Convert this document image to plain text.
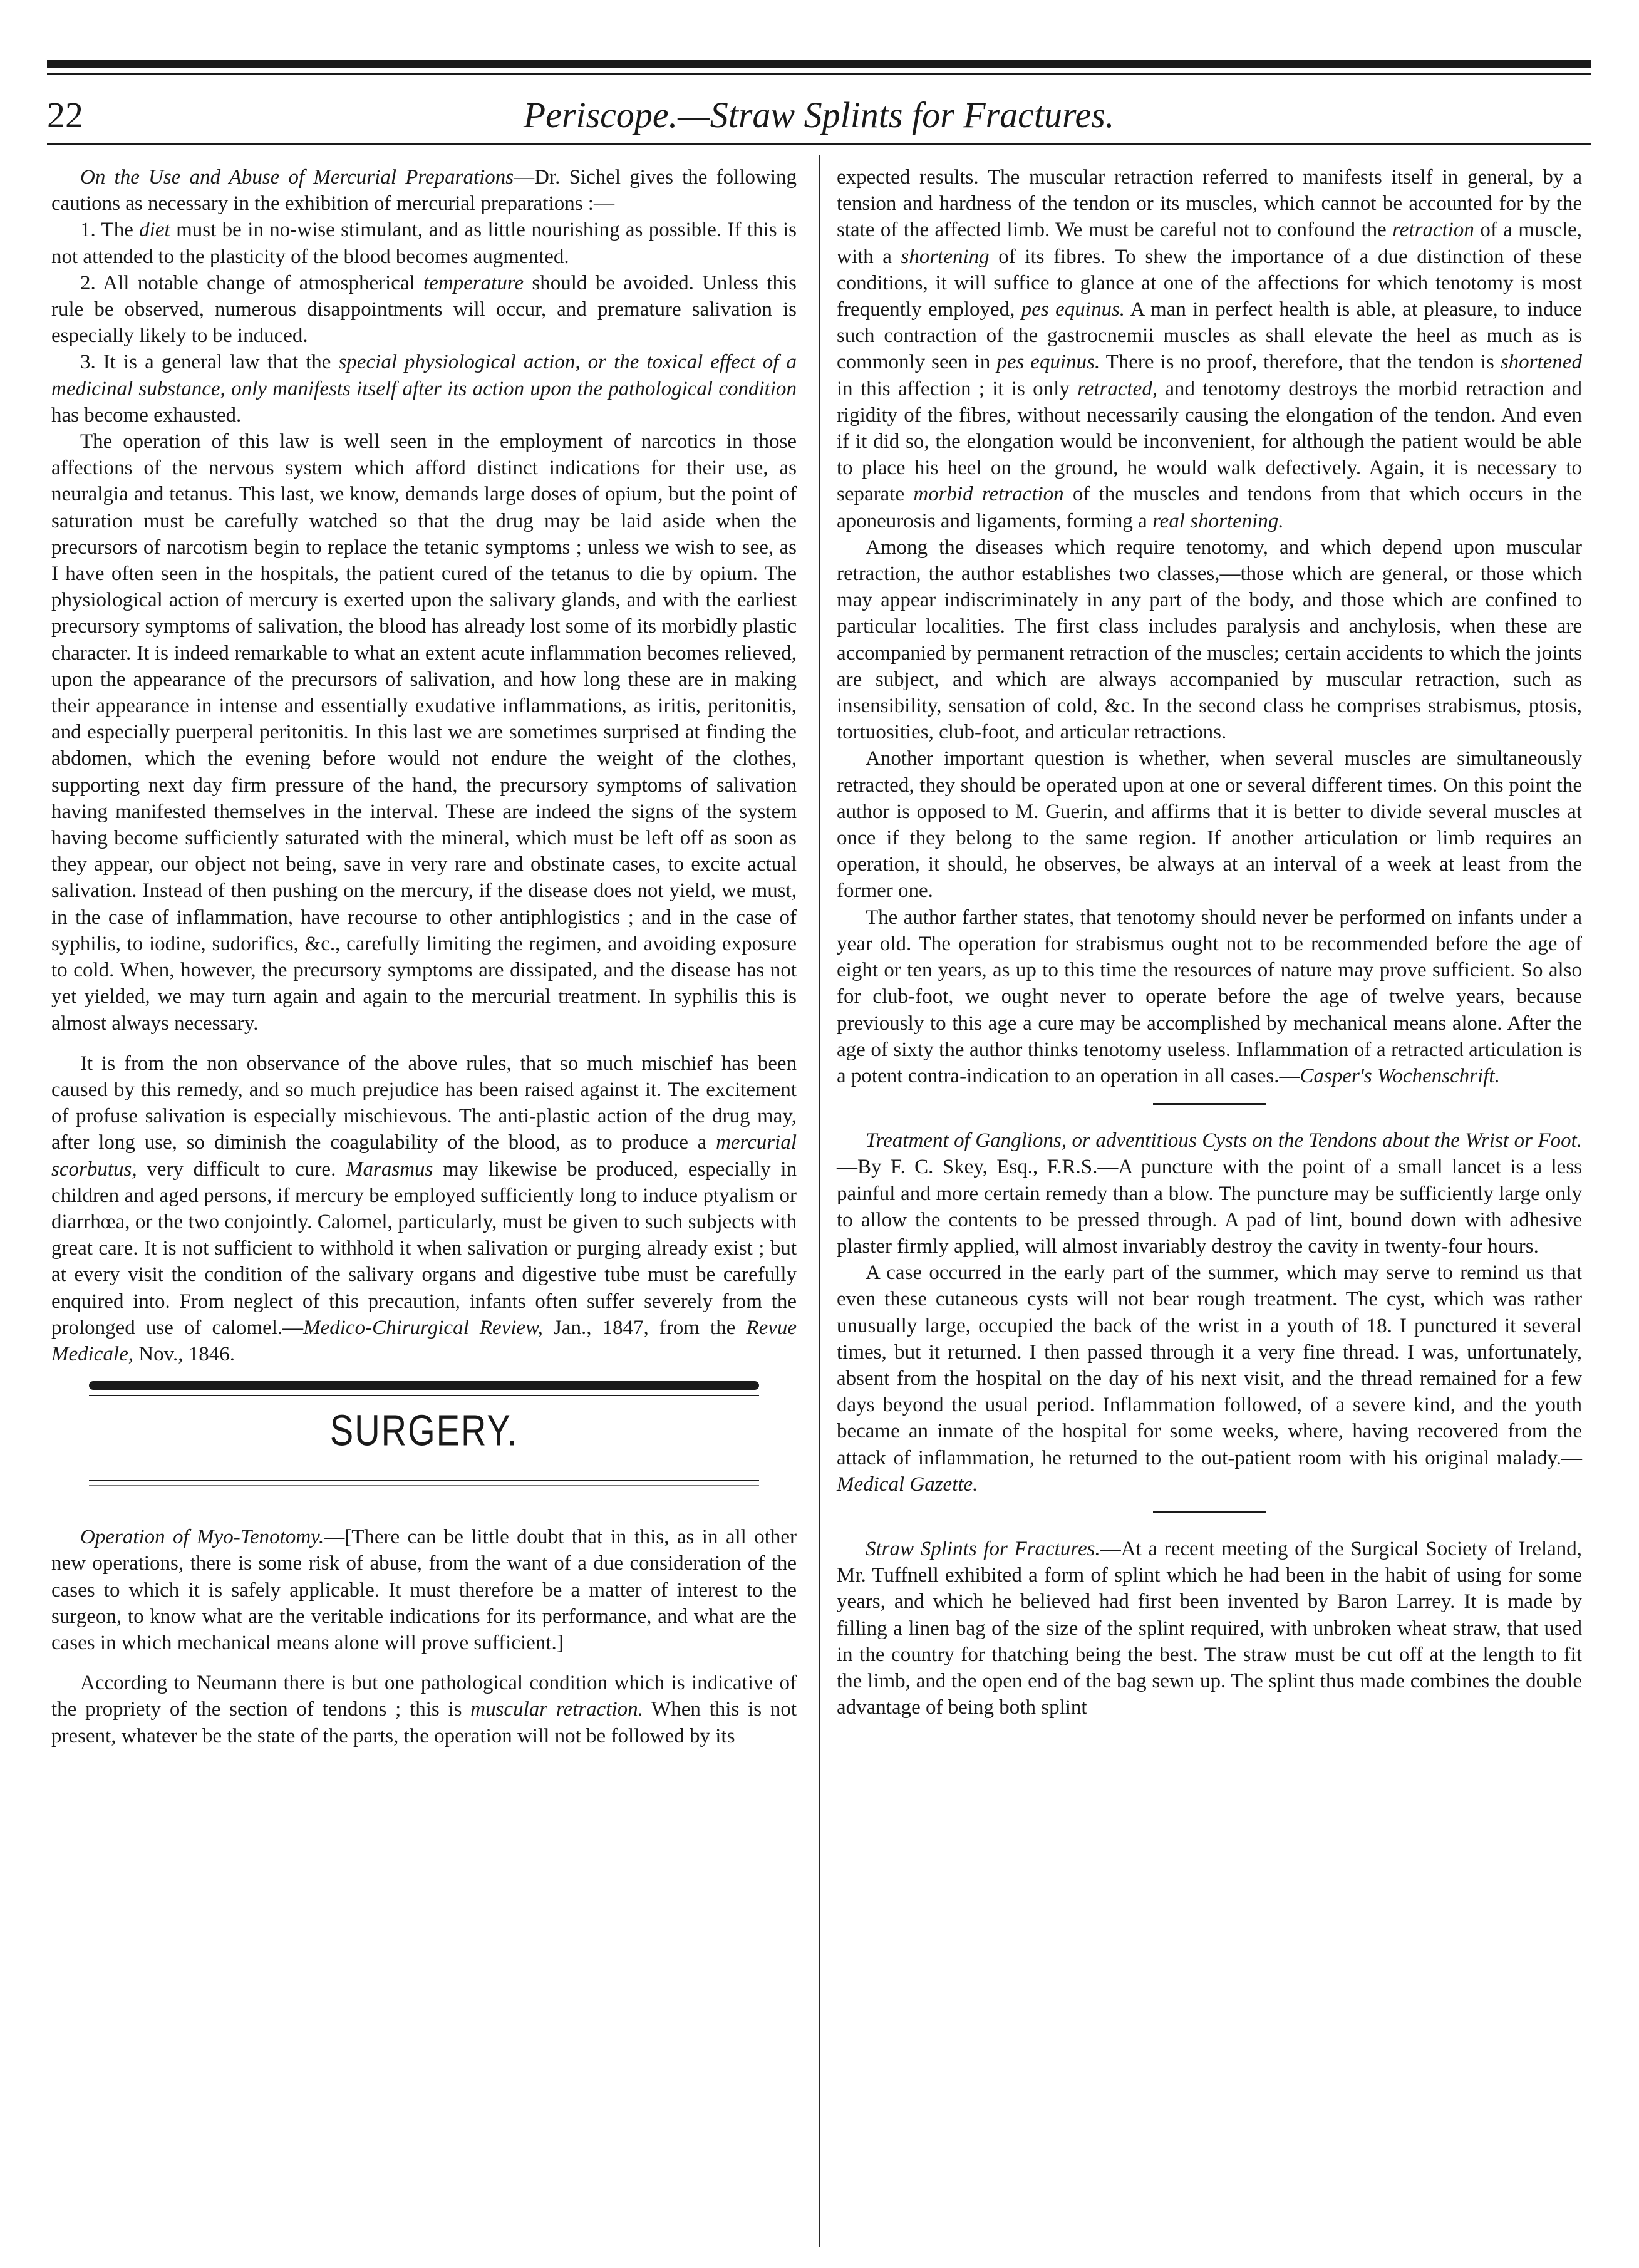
22	Periscope.—Straw Splints for Fractures.

On the Use and Abuse of Mercurial Preparations—Dr. Sichel gives the following cautions as necessary in the exhibition of mercurial preparations :—

1. The diet must be in no-wise stimulant, and as little nourishing as possible. If this is not attended to the plasticity of the blood becomes augmented.

2. All notable change of atmospherical temperature should be avoided. Unless this rule be observed, numerous disappointments will occur, and premature salivation is especially likely to be induced.

3. It is a general law that the special physiological action, or the toxical effect of a medicinal substance, only manifests itself after its action upon the pathological condition has become exhausted.

The operation of this law is well seen in the employment of narcotics in those affections of the nervous system which afford distinct indications for their use, as neuralgia and tetanus. This last, we know, demands large doses of opium, but the point of saturation must be carefully watched so that the drug may be laid aside when the precursors of narcotism begin to replace the tetanic symptoms ; unless we wish to see, as I have often seen in the hospitals, the patient cured of the tetanus to die by opium. The physiological action of mercury is exerted upon the salivary glands, and with the earliest precursory symptoms of salivation, the blood has already lost some of its morbidly plastic character. It is indeed remarkable to what an extent acute inflammation becomes relieved, upon the appearance of the precursors of salivation, and how long these are in making their appearance in intense and essentially exudative inflammations, as iritis, peritonitis, and especially puerperal peritonitis. In this last we are sometimes surprised at finding the abdomen, which the evening before would not endure the weight of the clothes, supporting next day firm pressure of the hand, the precursory symptoms of salivation having manifested themselves in the interval. These are indeed the signs of the system having become sufficiently saturated with the mineral, which must be left off as soon as they appear, our object not being, save in very rare and obstinate cases, to excite actual salivation. Instead of then pushing on the mercury, if the disease does not yield, we must, in the case of inflammation, have recourse to other antiphlogistics ; and in the case of syphilis, to iodine, sudorifics, &c., carefully limiting the regimen, and avoiding exposure to cold. When, however, the precursory symptoms are dissipated, and the disease has not yet yielded, we may turn again and again to the mercurial treatment. In syphilis this is almost always necessary.

It is from the non observance of the above rules, that so much mischief has been caused by this remedy, and so much prejudice has been raised against it. The excitement of profuse salivation is especially mischievous. The anti-plastic action of the drug may, after long use, so diminish the coagulability of the blood, as to produce a mercurial scorbutus, very difficult to cure. Marasmus may likewise be produced, especially in children and aged persons, if mercury be employed sufficiently long to induce ptyalism or diarrhœa, or the two conjointly. Calomel, particularly, must be given to such subjects with great care. It is not sufficient to withhold it when salivation or purging already exist ; but at every visit the condition of the salivary organs and digestive tube must be carefully enquired into. From neglect of this precaution, infants often suffer severely from the prolonged use of calomel.—Medico-Chirurgical Review, Jan., 1847, from the Revue Medicale, Nov., 1846.

SURGERY.

Operation of Myo-Tenotomy.—[There can be little doubt that in this, as in all other new operations, there is some risk of abuse, from the want of a due consideration of the cases to which it is safely applicable. It must therefore be a matter of interest to the surgeon, to know what are the veritable indications for its performance, and what are the cases in which mechanical means alone will prove sufficient.]

According to Neumann there is but one pathological condition which is indicative of the propriety of the section of tendons ; this is muscular retraction. When this is not present, whatever be the state of the parts, the operation will not be followed by its

expected results. The muscular retraction referred to manifests itself in general, by a tension and hardness of the tendon or its muscles, which cannot be accounted for by the state of the affected limb. We must be careful not to confound the retraction of a muscle, with a shortening of its fibres. To shew the importance of a due distinction of these conditions, it will suffice to glance at one of the affections for which tenotomy is most frequently employed, pes equinus. A man in perfect health is able, at pleasure, to induce such contraction of the gastrocnemii muscles as shall elevate the heel as much as is commonly seen in pes equinus. There is no proof, therefore, that the tendon is shortened in this affection ; it is only retracted, and tenotomy destroys the morbid retraction and rigidity of the fibres, without necessarily causing the elongation of the tendon. And even if it did so, the elongation would be inconvenient, for although the patient would be able to place his heel on the ground, he would walk defectively. Again, it is necessary to separate morbid retraction of the muscles and tendons from that which occurs in the aponeurosis and ligaments, forming a real shortening.

Among the diseases which require tenotomy, and which depend upon muscular retraction, the author establishes two classes,—those which are general, or those which may appear indiscriminately in any part of the body, and those which are confined to particular localities. The first class includes paralysis and anchylosis, when these are accompanied by permanent retraction of the muscles; certain accidents to which the joints are subject, and which are always accompanied by muscular retraction, such as insensibility, sensation of cold, &c. In the second class he comprises strabismus, ptosis, tortuosities, club-foot, and articular retractions.

Another important question is whether, when several muscles are simultaneously retracted, they should be operated upon at one or several different times. On this point the author is opposed to M. Guerin, and affirms that it is better to divide several muscles at once if they belong to the same region. If another articulation or limb requires an operation, it should, he observes, be always at an interval of a week at least from the former one.

The author farther states, that tenotomy should never be performed on infants under a year old. The operation for strabismus ought not to be recommended before the age of eight or ten years, as up to this time the resources of nature may prove sufficient. So also for club-foot, we ought never to operate before the age of twelve years, because previously to this age a cure may be accomplished by mechanical means alone. After the age of sixty the author thinks tenotomy useless. Inflammation of a retracted articulation is a potent contra-indication to an operation in all cases.—Casper's Wochenschrift.

Treatment of Ganglions, or adventitious Cysts on the Tendons about the Wrist or Foot.—By F. C. Skey, Esq., F.R.S.—A puncture with the point of a small lancet is a less painful and more certain remedy than a blow. The puncture may be sufficiently large only to allow the contents to be pressed through. A pad of lint, bound down with adhesive plaster firmly applied, will almost invariably destroy the cavity in twenty-four hours.

A case occurred in the early part of the summer, which may serve to remind us that even these cutaneous cysts will not bear rough treatment. The cyst, which was rather unusually large, occupied the back of the wrist in a youth of 18. I punctured it several times, but it returned. I then passed through it a very fine thread. I was, unfortunately, absent from the hospital on the day of his next visit, and the thread remained for a few days beyond the usual period. Inflammation followed, of a severe kind, and the youth became an inmate of the hospital for some weeks, where, having recovered from the attack of inflammation, he returned to the out-patient room with his original malady.—Medical Gazette.

Straw Splints for Fractures.—At a recent meeting of the Surgical Society of Ireland, Mr. Tuffnell exhibited a form of splint which he had been in the habit of using for some years, and which he believed had first been invented by Baron Larrey. It is made by filling a linen bag of the size of the splint required, with unbroken wheat straw, that used in the country for thatching being the best. The straw must be cut off at the length to fit the limb, and the open end of the bag sewn up. The splint thus made combines the double advantage of being both splint
